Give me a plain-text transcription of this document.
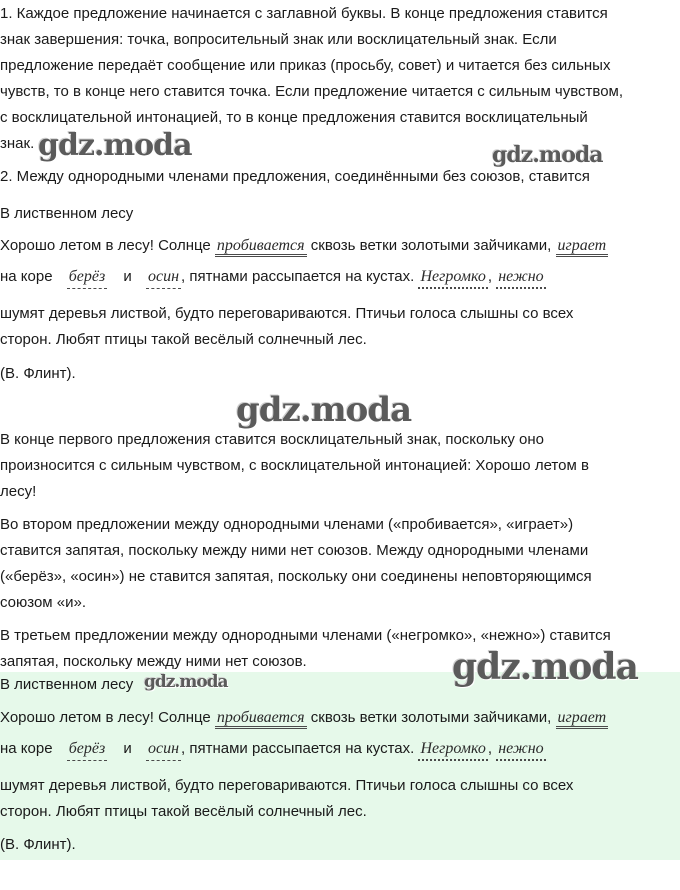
1. Каждое предложение начинается с заглавной буквы. В конце предложения ставится
знак завершения: точка, вопросительный знак или восклицательный знак. Если
предложение передаёт сообщение или приказ (просьбу, совет) и читается без сильных
чувств, то в конце него ставится точка. Если предложение читается с сильным чувством,
с восклицательной интонацией, то в конце предложения ставится восклицательный
знак.
2. Между однородными членами предложения, соединёнными без союзов, ставится
В лиственном лесу
Хорошо летом в лесу! Солнце пробивается сквозь ветки золотыми зайчиками, играет
на коре берёз и осин , пятнами рассыпается на кустах. Негромко , нежно
шумят деревья листвой, будто переговариваются. Птичьи голоса слышны со всех
сторон. Любят птицы такой весёлый солнечный лес.
(В. Флинт).
В конце первого предложения ставится восклицательный знак, поскольку оно
произносится с сильным чувством, с восклицательной интонацией: Хорошо летом в
лесу!
Во втором предложении между однородными членами («пробивается», «играет»)
ставится запятая, поскольку между ними нет союзов. Между однородными членами
(«берёз», «осин») не ставится запятая, поскольку они соединены неповторяющимся
союзом «и».
В третьем предложении между однородными членами («негромко», «нежно») ставится
запятая, поскольку между ними нет союзов.
В лиственном лесу
Хорошо летом в лесу! Солнце пробивается сквозь ветки золотыми зайчиками, играет
на коре берёз и осин , пятнами рассыпается на кустах. Негромко , нежно
шумят деревья листвой, будто переговариваются. Птичьи голоса слышны со всех
сторон. Любят птицы такой весёлый солнечный лес.
(В. Флинт).
gdz.moda	gdz.moda
gdz.moda
gdz.moda
gdz.moda
